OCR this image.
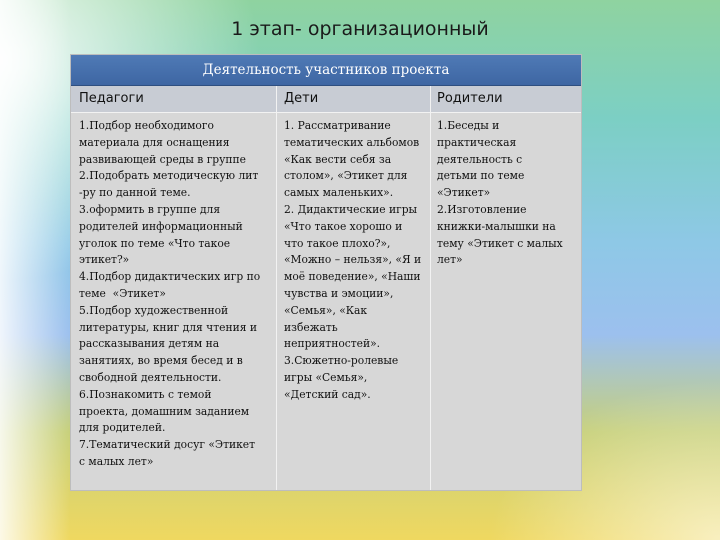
1 этап- организационный
Деятельность участников проекта
Педагоги	Дети	Родители
1.Подбор необходимого
материала для оснащения
развивающей среды в группе
2.Подобрать методическую лит
-ру по данной теме.
3.оформить в группе для
родителей информационный
уголок по теме «Что такое
этикет?»
4.Подбор дидактических игр по
теме  «Этикет»
5.Подбор художественной
литературы, книг для чтения и
рассказывания детям на
занятиях, во время бесед и в
свободной деятельности.
6.Познакомить с темой
проекта, домашним заданием
для родителей.
7.Тематический досуг «Этикет
с малых лет»
1. Рассматривание
тематических альбомов
«Как вести себя за
столом», «Этикет для
самых маленьких».
2. Дидактические игры
«Что такое хорошо и
что такое плохо?»,
«Можно – нельзя», «Я и
моё поведение», «Наши
чувства и эмоции»,
«Семья», «Как
избежать
неприятностей».
3.Сюжетно-ролевые
игры «Семья»,
«Детский сад».
1.Беседы и
практическая
деятельность с
детьми по теме
«Этикет»
2.Изготовление
книжки-малышки на
тему «Этикет с малых
лет»
